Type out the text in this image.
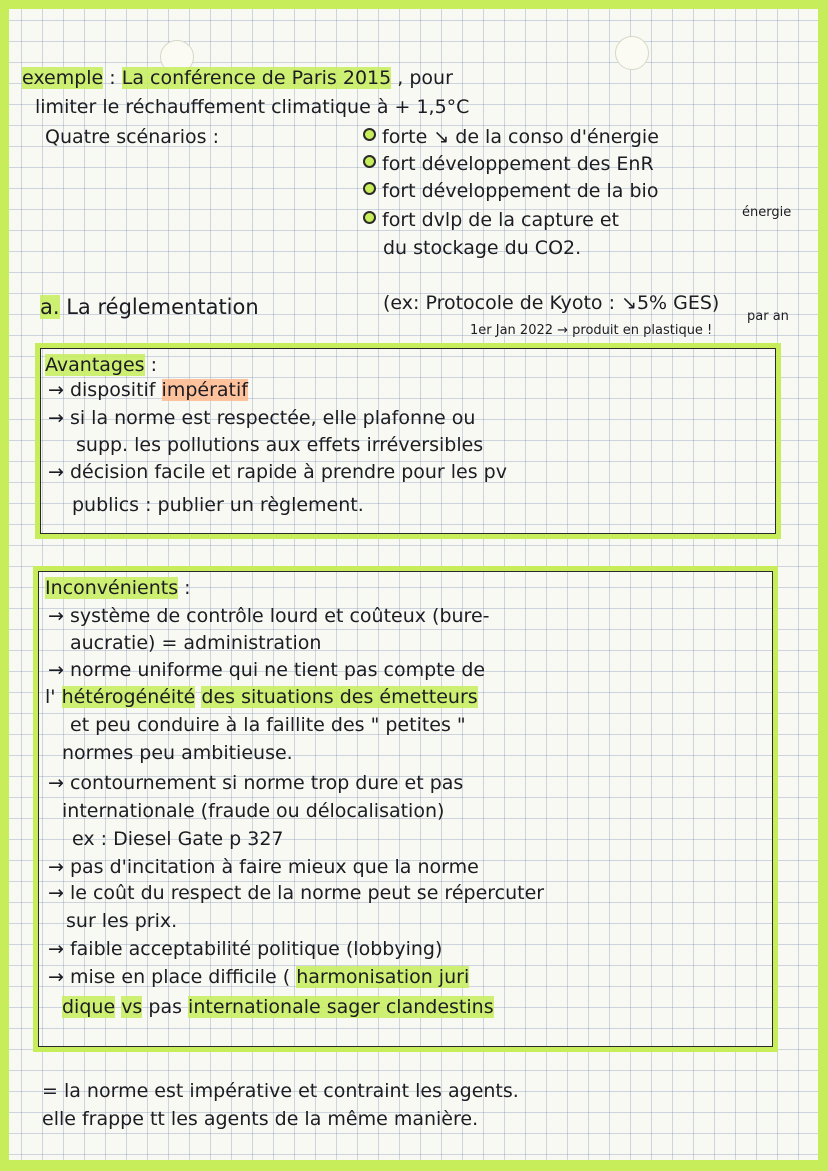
exemple : La conférence de Paris 2015 , pour
limiter le réchauffement climatique à + 1,5°C
Quatre scénarios :	forte ↘ de la conso d'énergie
fort développement des EnR
fort développement de la bio
énergie
fort dvlp de la capture et
du stockage du CO2.
a. La réglementation	(ex: Protocole de Kyoto : ↘5% GES)
par an
1er Jan 2022 → produit en plastique !
Avantages :
→ dispositif impératif
→ si la norme est respectée, elle plafonne ou
supp. les pollutions aux effets irréversibles
→ décision facile et rapide à prendre pour les pv
publics : publier un règlement.
Inconvénients :
→ système de contrôle lourd et coûteux (bure-
aucratie) = administration
→ norme uniforme qui ne tient pas compte de
l' hétérogénéité des situations des émetteurs
et peu conduire à la faillite des " petites "
normes peu ambitieuse.
→ contournement si norme trop dure et pas
internationale (fraude ou délocalisation)
ex : Diesel Gate p 327
→ pas d'incitation à faire mieux que la norme
→ le coût du respect de la norme peut se répercuter
sur les prix.
→ faible acceptabilité politique (lobbying)
→ mise en place difficile ( harmonisation juri
dique vs pas internationale sager clandestins
= la norme est impérative et contraint les agents.
elle frappe tt les agents de la même manière.
